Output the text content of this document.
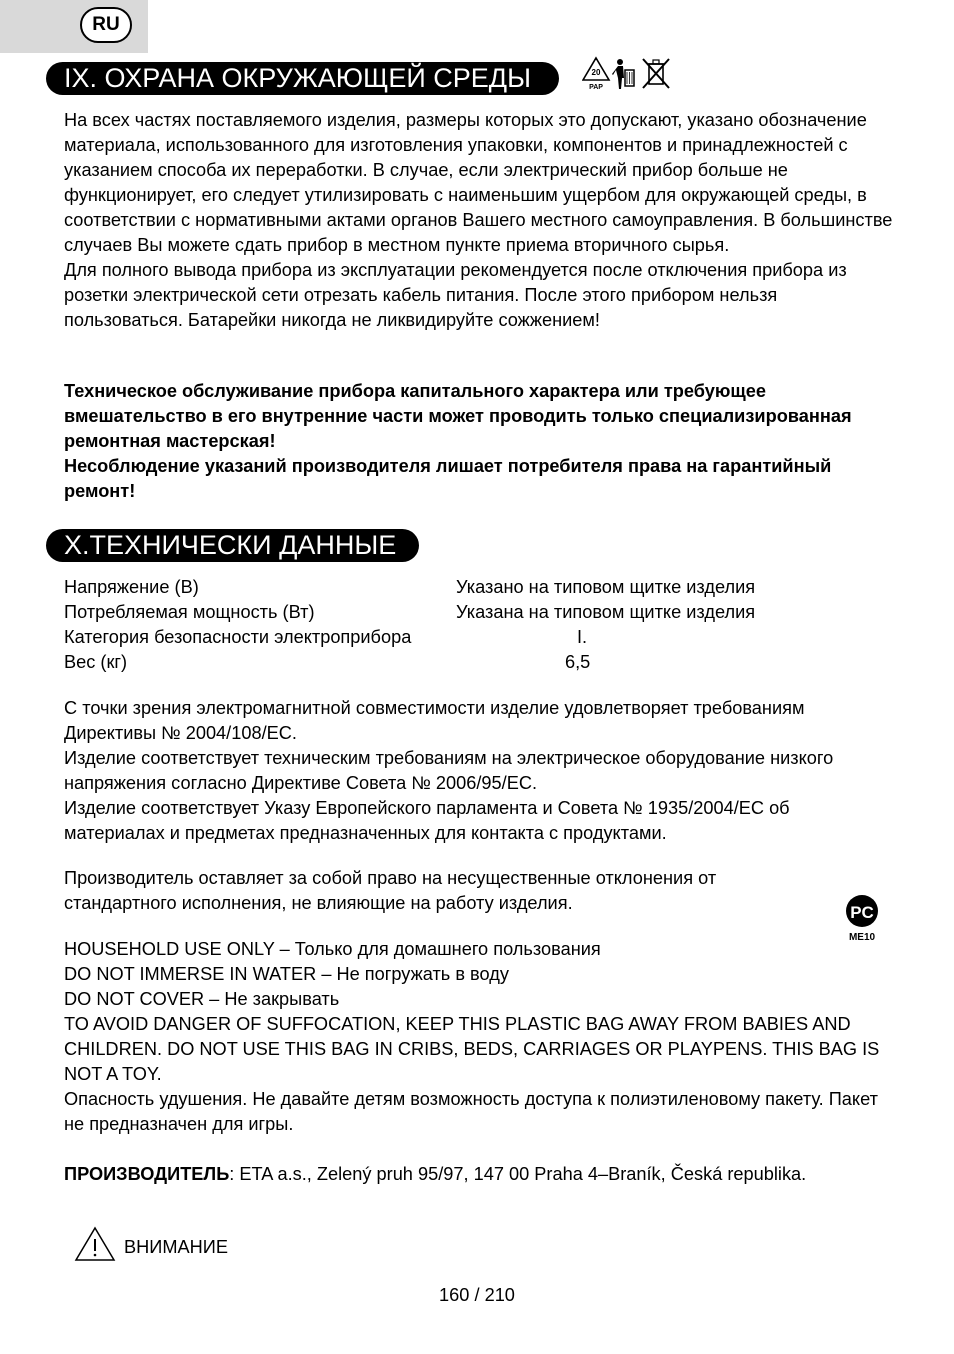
RU
IX. ОХРАНА ОКРУЖАЮЩЕЙ СРЕДЫ	20
PAP

На всех частях поставляемого изделия, размеры которых это допускают, указано обозначение материала, использованного для изготовления упаковки, компонентов и принадлежностей с указанием способа их переработки. В случае, если электрический прибор больше не функционирует, его следует утилизировать с наименьшим ущербом для окружающей среды, в соответствии с нормативными актами органов Вашего местного самоуправления. В большинстве случаев Вы можете сдать прибор в местном пункте приема вторичного сырья.

Для полного вывода прибора из эксплуатации рекомендуется после отключения прибора из розетки электрической сети отрезать кабель питания. После этого прибором нельзя пользоваться. Батарейки никогда не ликвидируйте сожжением!

Техническое обслуживание прибора капитального характера или требующее вмешательство в его внутренние части может проводить только специализированная ремонтная мастерская!

Несоблюдение указаний производителя лишает потребителя права на гарантийный ремонт!

X.ТЕХНИЧЕСКИ ДАННЫЕ
Напряжение (В)	Указано на типовом щитке изделия
Потребляемая мощность (Вт)	Указана на типовом щитке изделия
Категория безопасности электроприбора	I.
Вес (кг)	6,5

С точки зрения электромагнитной совместимости изделие удовлетворяет требованиям Директивы № 2004/108/ЕС.

Изделие соответствует техническим требованиям на электрическое оборудование низкого напряжения согласно Директиве Совета № 2006/95/ЕС.

Изделие соответствует Указу Европейского парламента и Совета № 1935/2004/ЕС об материалах и предметах предназначенных для контакта с продуктами.

Производитель оставляет за собой право на несущественные отклонения от стандартного исполнения, не влияющие на работу изделия.	PC
ME10

HOUSEHOLD USE ONLY – Только для домашнего пользования

DO NOT IMMERSE IN WATER – Не погружать в воду

DO NOT COVER – Не закрывать

TO AVOID DANGER OF SUFFOCATION, KEEP THIS PLASTIC BAG AWAY FROM BABIES AND CHILDREN. DO NOT USE THIS BAG IN CRIBS, BEDS, CARRIAGES OR PLAYPENS. THIS BAG IS NOT A TOY.

Опасность удушения. Не давайте детям возможность доступа к полиэтиленовому пакету. Пакет не предназначен для игры.

ПРОИЗВОДИТЕЛЬ: ETA a.s., Zelený pruh 95/97, 147 00 Praha 4–Braník, Česká republika.

ВНИМАНИЕ
160 / 210
